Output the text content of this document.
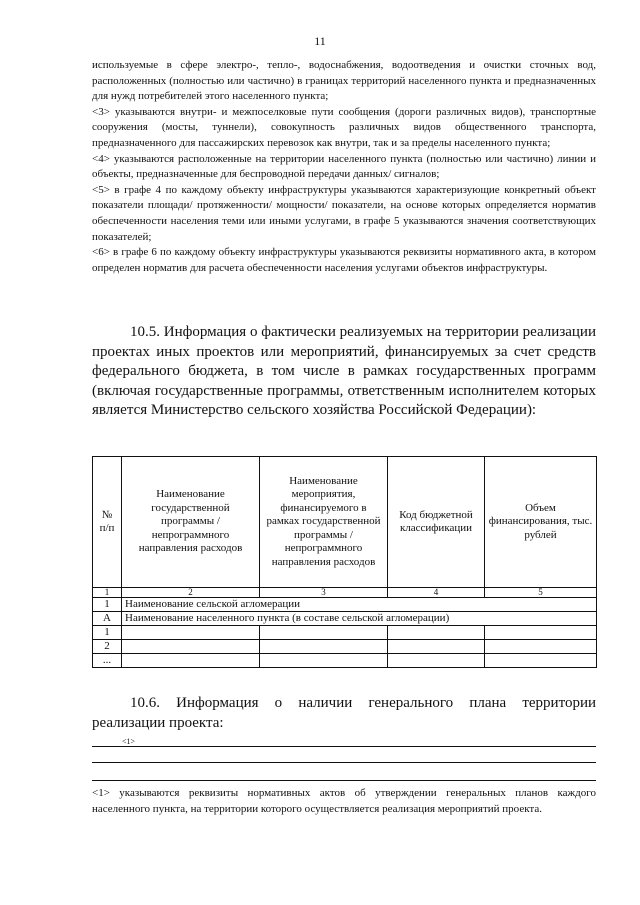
11

используемые в сфере электро-, тепло-, водоснабжения, водоотведения и очистки сточных вод, расположенных (полностью или частично) в границах территорий населенного пункта и предназначенных для нужд потребителей этого населенного пункта;

<3> указываются внутри- и межпоселковые пути сообщения (дороги различных видов), транспортные сооружения (мосты, туннели), совокупность различных видов общественного транспорта, предназначенного для пассажирских перевозок как внутри, так и за пределы населенного пункта;

<4> указываются расположенные на территории населенного пункта (полностью или частично) линии и объекты, предназначенные для беспроводной передачи данных/ сигналов;

<5> в графе 4 по каждому объекту инфраструктуры указываются характеризующие конкретный объект показатели площади/ протяженности/ мощности/ показатели, на основе которых определяется норматив обеспеченности населения теми или иными услугами, в графе 5 указываются значения соответствующих показателей;

<6> в графе 6 по каждому объекту инфраструктуры указываются реквизиты нормативного акта, в котором определен норматив для расчета обеспеченности населения услугами объектов инфраструктуры.

10.5. Информация о фактически реализуемых на территории реализации проектах иных проектов или мероприятий, финансируемых за счет средств федерального бюджета, в том числе в рамках государственных программ (включая государственные программы, ответственным исполнителем которых является Министерство сельского хозяйства Российской Федерации):

№ п/п	Наименование государственной программы / непрограммного направления расходов	Наименование мероприятия, финансируемого в рамках государственной программы / непрограммного направления расходов	Код бюджетной классификации	Объем финансирования, тыс. рублей
1	2	3	4	5
1	Наименование сельской агломерации			
А	Наименование населенного пункта (в составе сельской агломерации)			
1				
2				
...				

10.6. Информация о наличии генерального плана территории реализации проекта:

<1>

<1> указываются реквизиты нормативных актов об утверждении генеральных планов каждого населенного пункта, на территории которого осуществляется реализация мероприятий проекта.
